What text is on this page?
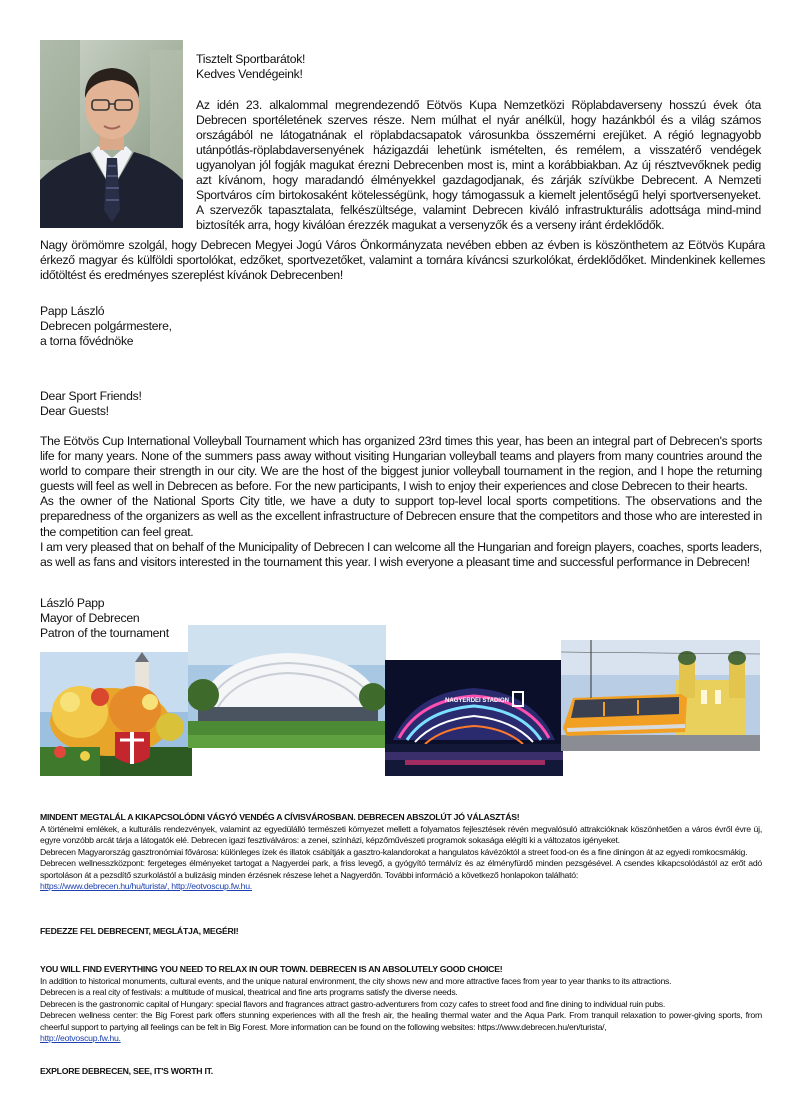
Tisztelt Sportbarátok!
Kedves Vendégeink!
Az idén 23. alkalommal megrendezendő Eötvös Kupa Nemzetközi Röplabdaverseny hosszú évek óta Debrecen sportéletének szerves része. Nem múlhat el nyár anélkül, hogy hazánkból és a világ számos országából ne látogatnának el röplabdacsapatok városunkba összemérni erejüket. A régió legnagyobb utánpótlás-röplabdaversenyének házigazdái lehetünk ismételten, és remélem, a visszatérő vendégek ugyanolyan jól fogják magukat érezni Debrecenben most is, mint a korábbiakban. Az új résztvevőknek pedig azt kívánom, hogy maradandó élményekkel gazdagodjanak, és zárják szívükbe Debrecent. A Nemzeti Sportváros cím birtokosaként kötelességünk, hogy támogassuk a kiemelt jelentőségű helyi sportversenyeket. A szervezők tapasztalata, felkészültsége, valamint Debrecen kiváló infrastrukturális adottsága mind-mind biztosíték arra, hogy kiválóan érezzék magukat a versenyzők és a verseny iránt érdeklődők.
Nagy örömömre szolgál, hogy Debrecen Megyei Jogú Város Önkormányzata nevében ebben az évben is köszönthetem az Eötvös Kupára érkező magyar és külföldi sportolókat, edzőket, sportvezetőket, valamint a tornára kíváncsi szurkolókat, érdeklődőket. Mindenkinek kellemes időtöltést és eredményes szereplést kívánok Debrecenben!
Papp László
Debrecen polgármestere,
a torna fővédnöke
Dear Sport Friends!
Dear Guests!

The Eötvös Cup International Volleyball Tournament which has organized 23rd times this year, has been an integral part of Debrecen's sports life for many years. None of the summers pass away without visiting Hungarian volleyball teams and players from many countries around the world to compare their strength in our city. We are the host of the biggest junior volleyball tournament in the region, and I hope the returning guests will feel as well in Debrecen as before. For the new participants, I wish to enjoy their experiences and close Debrecen to their hearts.

As the owner of the National Sports City title, we have a duty to support top-level local sports competitions. The observations and the preparedness of the organizers as well as the excellent infrastructure of Debrecen ensure that the competitors and those who are interested in the competition can feel great.

I am very pleased that on behalf of the Municipality of Debrecen I can welcome all the Hungarian and foreign players, coaches, sports leaders, as well as fans and visitors interested in the tournament this year. I wish everyone a pleasant time and successful performance in Debrecen!

László Papp
Mayor of Debrecen
Patron of the tournament
NAGYERDEI STADION

MINDENT MEGTALÁL A KIKAPCSOLÓDNI VÁGYÓ VENDÉG A CÍVISVÁROSBAN. DEBRECEN ABSZOLÚT JÓ VÁLASZTÁS!

A történelmi emlékek, a kulturális rendezvények, valamint az egyedülálló természeti környezet mellett a folyamatos fejlesztések révén megvalósuló attrakcióknak köszönhetően a város évről évre új, egyre vonzóbb arcát tárja a látogatók elé. Debrecen igazi fesztiválváros: a zenei, színházi, képzőművészeti programok sokasága elégíti ki a változatos igényeket.

Debrecen Magyarország gasztronómiai fővárosa: különleges ízek és illatok csábítják a gasztro-kalandorokat a hangulatos kávézóktól a street food-on és a fine diningon át az egyedi romkocsmákig.

Debrecen wellnesszközpont: fergeteges élményeket tartogat a Nagyerdei park, a friss levegő, a gyógyító termálvíz és az élményfürdő minden pezsgésével. A csendes kikapcsolódástól az erőt adó sportoláson át a pezsdítő szurkolástól a bulizásig minden érzésnek részese lehet a Nagyerdőn. További információ a következő honlapokon található:

https://www.debrecen.hu/hu/turista/, http://eotvoscup.fw.hu.

FEDEZZE FEL DEBRECENT, MEGLÁTJA, MEGÉRI!

YOU WILL FIND EVERYTHING YOU NEED TO RELAX IN OUR TOWN. DEBRECEN IS AN ABSOLUTELY GOOD CHOICE!

In addition to historical monuments, cultural events, and the unique natural environment, the city shows new and more attractive faces from year to year thanks to its attractions.

Debrecen is a real city of festivals: a multitude of musical, theatrical and fine arts programs satisfy the diverse needs.

Debrecen is the gastronomic capital of Hungary: special flavors and fragrances attract gastro-adventurers from cozy cafes to street food and fine dining to individual ruin pubs.

Debrecen wellness center: the Big Forest park offers stunning experiences with all the fresh air, the healing thermal water and the Aqua Park. From tranquil relaxation to power-giving sports, from cheerful support to partying all feelings can be felt in Big Forest. More information can be found on the following websites: https://www.debrecen.hu/en/turista/,

http://eotvoscup.fw.hu.

EXPLORE DEBRECEN, SEE, IT'S WORTH IT.
